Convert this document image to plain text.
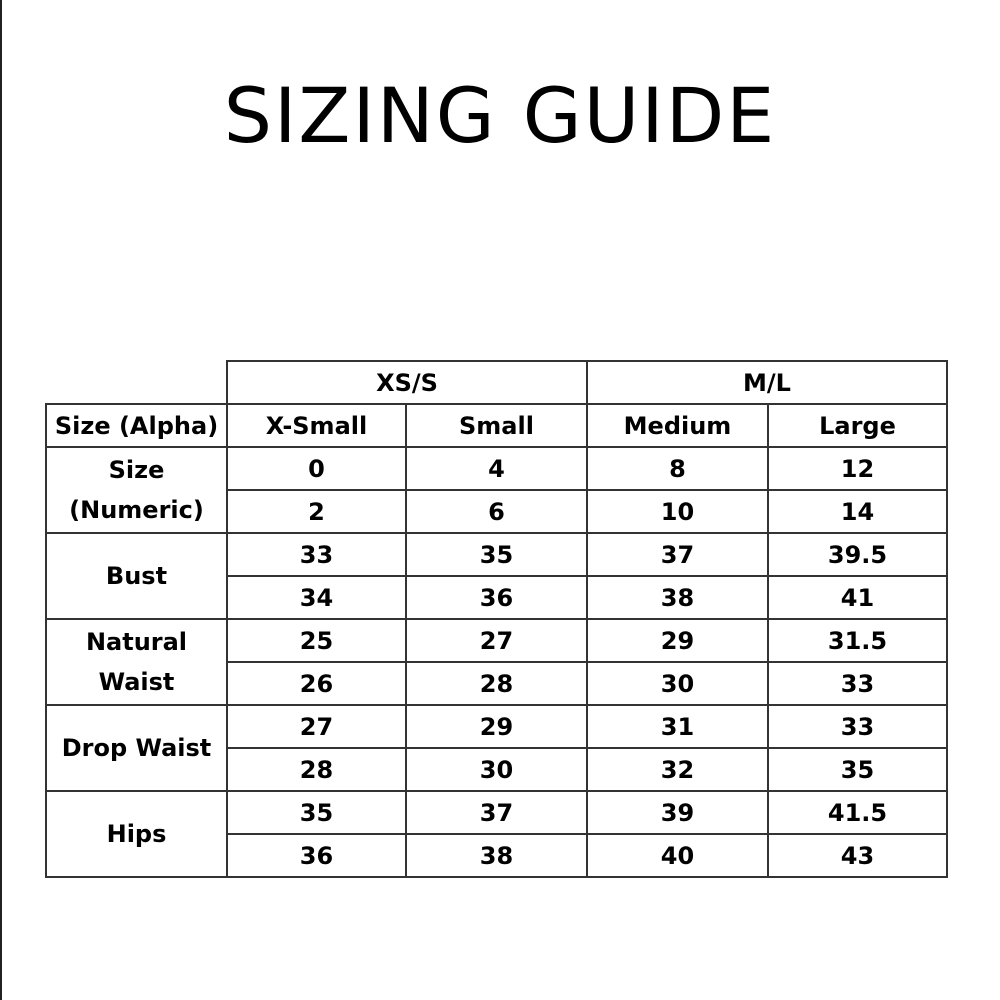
SIZING GUIDE
	XS/S		M/L	
Size (Alpha)	X-Small	Small	Medium	Large

Size
(Numeric)	0	4	8	12
	2	6	10	14
Bust	33	35	37	39.5
	34	36	38	41

Natural
Waist	25	27	29	31.5
	26	28	30	33
Drop Waist	27	29	31	33
	28	30	32	35
Hips	35	37	39	41.5
	36	38	40	43
